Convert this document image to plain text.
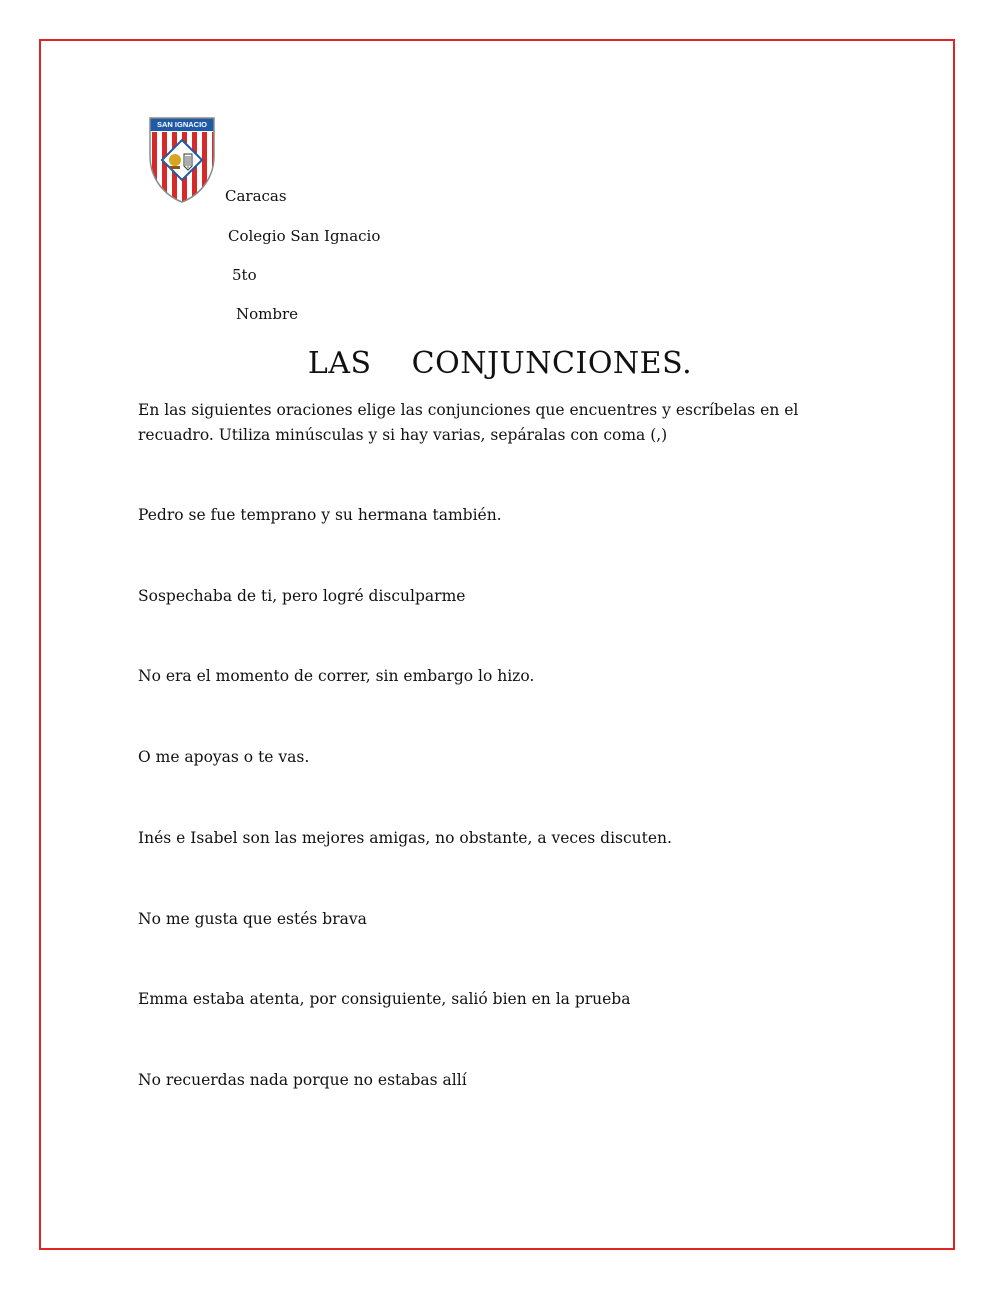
SAN IGNACIO
Caracas
Colegio San Ignacio
5to
Nombre
LAS    CONJUNCIONES.
En las siguientes oraciones elige las conjunciones que encuentres y escríbelas en el recuadro. Utiliza minúsculas y si hay varias, sepáralas con coma (,)
Pedro se fue temprano y su hermana también.
Sospechaba de ti, pero logré disculparme
No era el momento de correr, sin embargo lo hizo.
O me apoyas o te vas.
Inés e Isabel son las mejores amigas, no obstante, a veces discuten.
No me gusta que estés brava
Emma estaba atenta, por consiguiente, salió bien en la prueba
No recuerdas nada porque no estabas allí
